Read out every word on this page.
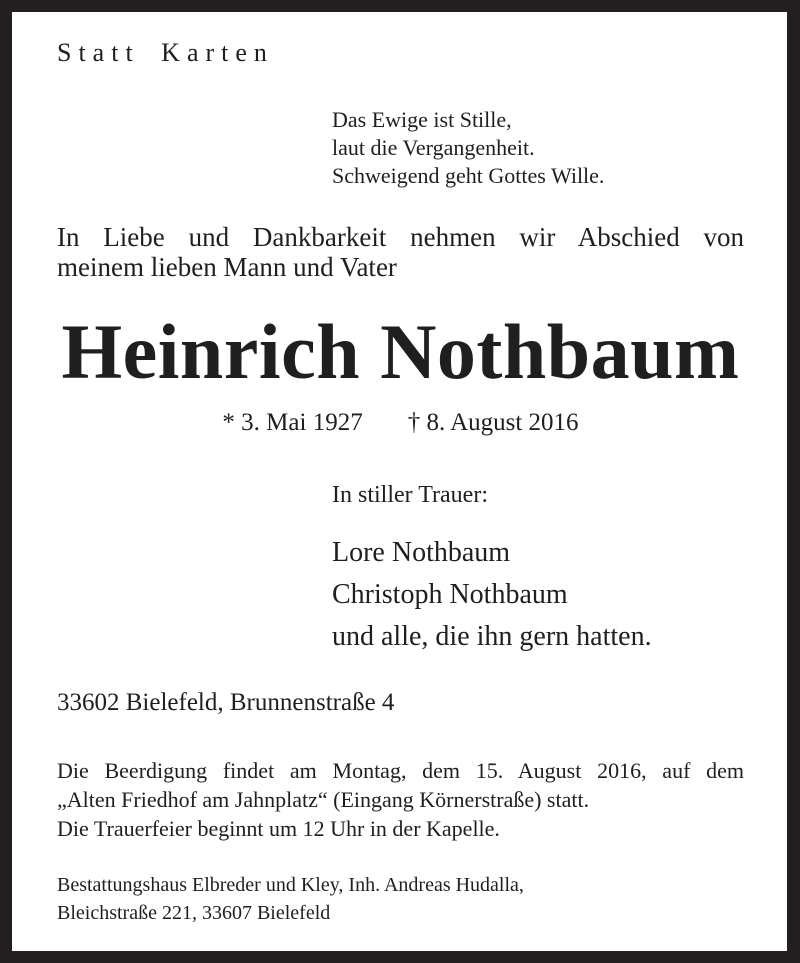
Statt Karten
Das Ewige ist Stille,
laut die Vergangenheit.
Schweigend geht Gottes Wille.
In Liebe und Dankbarkeit nehmen wir Abschied von
meinem lieben Mann und Vater
Heinrich Nothbaum
* 3. Mai 1927 † 8. August 2016
In stiller Trauer:
Lore Nothbaum
Christoph Nothbaum
und alle, die ihn gern hatten.
33602 Bielefeld, Brunnenstraße 4
Die Beerdigung findet am Montag, dem 15. August 2016, auf dem
„Alten Friedhof am Jahnplatz“ (Eingang Körnerstraße) statt.
Die Trauerfeier beginnt um 12 Uhr in der Kapelle.
Bestattungshaus Elbreder und Kley, Inh. Andreas Hudalla,
Bleichstraße 221, 33607 Bielefeld
